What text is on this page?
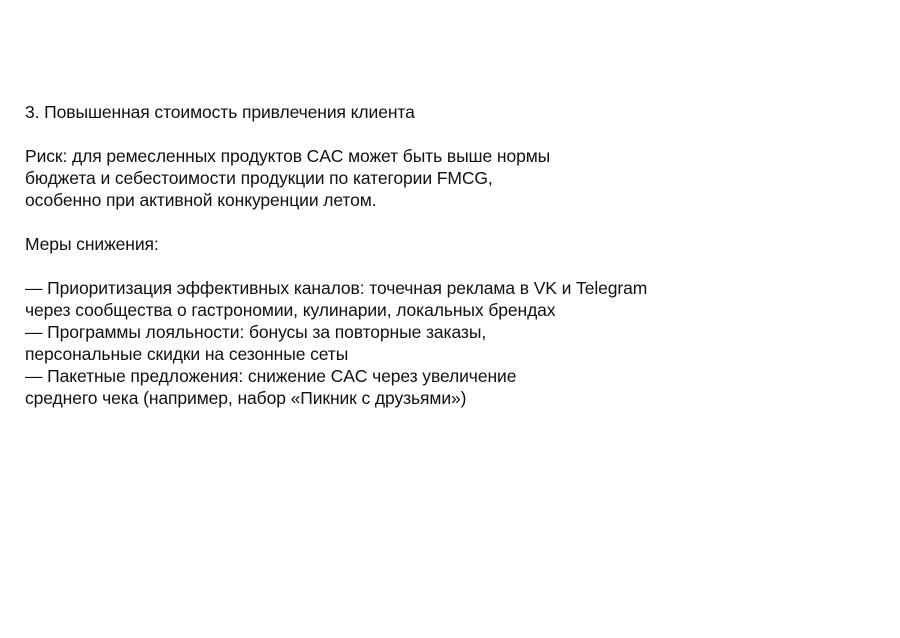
3. Повышенная стоимость привлечения клиента
Риск: для ремесленных продуктов CAC может быть выше нормы
бюджета и себестоимости продукции по категории FMCG,
особенно при активной конкуренции летом.
Меры снижения:
— Приоритизация эффективных каналов: точечная реклама в VK и Telegram
через сообщества о гастрономии, кулинарии, локальных брендах
— Программы лояльности: бонусы за повторные заказы,
персональные скидки на сезонные сеты
— Пакетные предложения: снижение CAC через увеличение
среднего чека (например, набор «Пикник с друзьями»)
